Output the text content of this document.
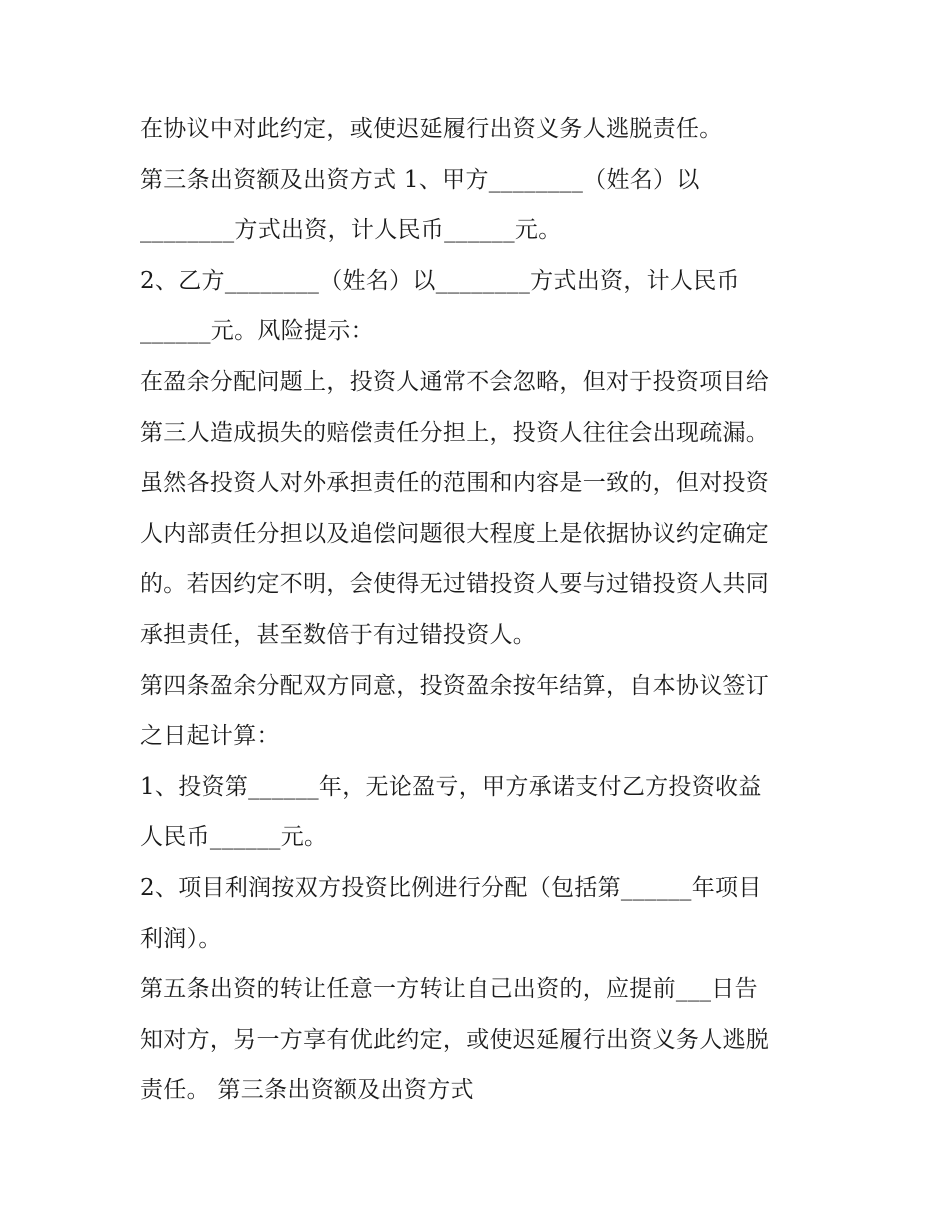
在协议中对此约定，或使迟延履行出资义务人逃脱责任。
第三条出资额及出资方式 1、甲方________（姓名）以
________方式出资，计人民币______元。
2、乙方________（姓名）以________方式出资，计人民币
______元。风险提示：
在盈余分配问题上，投资人通常不会忽略，但对于投资项目给
第三人造成损失的赔偿责任分担上，投资人往往会出现疏漏。
虽然各投资人对外承担责任的范围和内容是一致的，但对投资
人内部责任分担以及追偿问题很大程度上是依据协议约定确定
的。若因约定不明，会使得无过错投资人要与过错投资人共同
承担责任，甚至数倍于有过错投资人。
第四条盈余分配双方同意，投资盈余按年结算，自本协议签订
之日起计算：
1、投资第______年，无论盈亏，甲方承诺支付乙方投资收益
人民币______元。
2、项目利润按双方投资比例进行分配（包括第______年项目
利润）。
第五条出资的转让任意一方转让自己出资的，应提前___日告
知对方，另一方享有优此约定，或使迟延履行出资义务人逃脱
责任。 第三条出资额及出资方式
